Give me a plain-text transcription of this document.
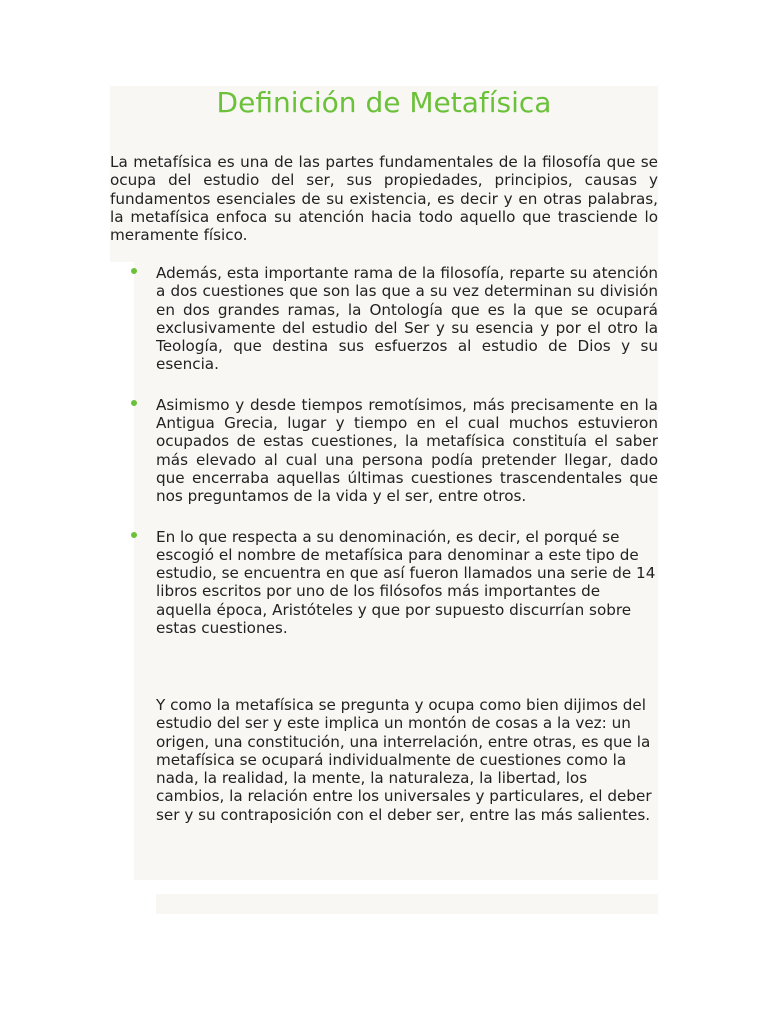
Definición de Metafísica

La metafísica es una de las partes fundamentales de la filosofía que se ocupa del estudio del ser, sus propiedades, principios, causas y fundamentos esenciales de su existencia, es decir y en otras palabras, la metafísica enfoca su atención hacia todo aquello que trasciende lo meramente físico.

Además, esta importante rama de la filosofía, reparte su atención a dos cuestiones que son las que a su vez determinan su división en dos grandes ramas, la Ontología que es la que se ocupará exclusivamente del estudio del Ser y su esencia y por el otro la Teología, que destina sus esfuerzos al estudio de Dios y su esencia.
Asimismo y desde tiempos remotísimos, más precisamente en la Antigua Grecia, lugar y tiempo en el cual muchos estuvieron ocupados de estas cuestiones, la metafísica constituía el saber más elevado al cual una persona podía pretender llegar, dado que encerraba aquellas últimas cuestiones trascendentales que nos preguntamos de la vida y el ser, entre otros.
En lo que respecta a su denominación, es decir, el porqué se escogió el nombre de metafísica para denominar a este tipo de estudio, se encuentra en que así fueron llamados una serie de 14 libros escritos por uno de los filósofos más importantes de aquella época, Aristóteles y que por supuesto discurrían sobre estas cuestiones.

Y como la metafísica se pregunta y ocupa como bien dijimos del estudio del ser y este implica un montón de cosas a la vez: un origen, una constitución, una interrelación, entre otras, es que la metafísica se ocupará individualmente de cuestiones como la nada, la realidad, la mente, la naturaleza, la libertad, los cambios, la relación entre los universales y particulares, el deber ser y su contraposición con el deber ser, entre las más salientes.
